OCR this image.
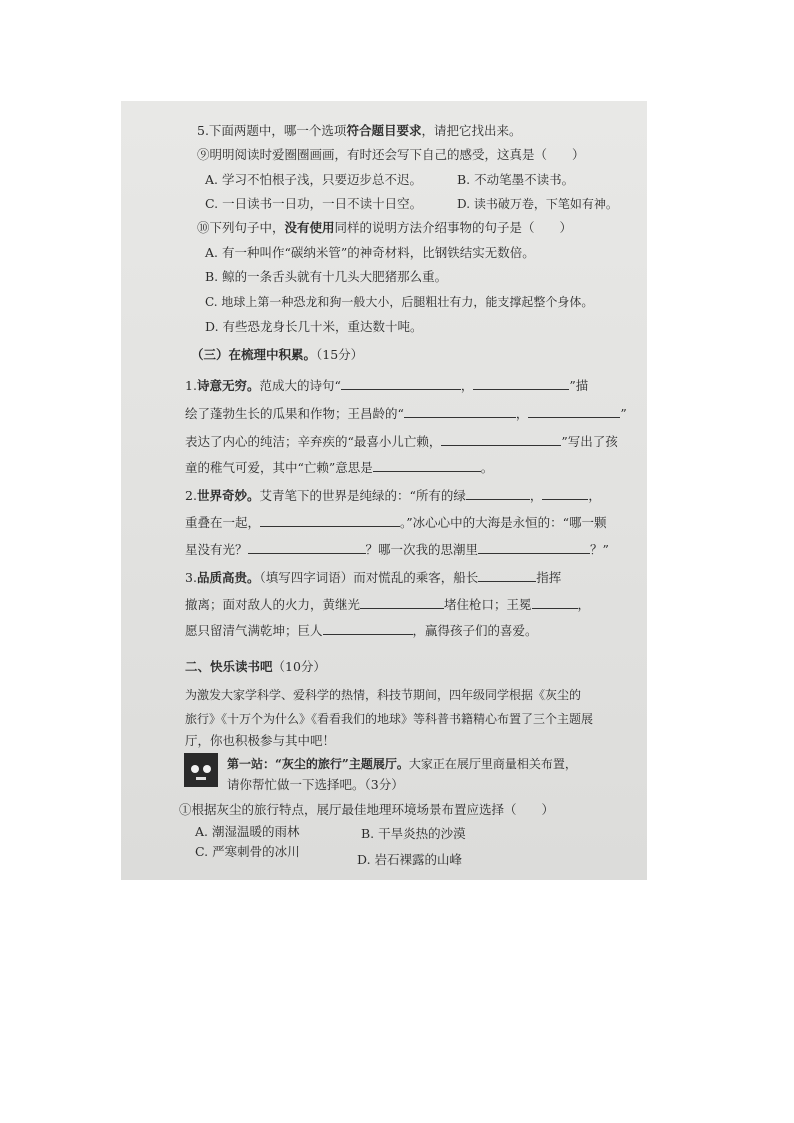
5.下面两题中，哪一个选项符合题目要求，请把它找出来。
⑨明明阅读时爱圈圈画画，有时还会写下自己的感受，这真是（　　）
A. 学习不怕根子浅，只要迈步总不迟。	B. 不动笔墨不读书。
C. 一日读书一日功，一日不读十日空。	D. 读书破万卷，下笔如有神。
⑩下列句子中，没有使用同样的说明方法介绍事物的句子是（　　）
A. 有一种叫作“碳纳米管”的神奇材料，比钢铁结实无数倍。
B. 鲸的一条舌头就有十几头大肥猪那么重。
C. 地球上第一种恐龙和狗一般大小，后腿粗壮有力，能支撑起整个身体。
D. 有些恐龙身长几十米，重达数十吨。
（三）在梳理中积累。（15分）
1.诗意无穷。范成大的诗句“	，	”描
绘了蓬勃生长的瓜果和作物；王昌龄的“	，	”
表达了内心的纯洁；辛弃疾的“最喜小儿亡赖，	”写出了孩
童的稚气可爱，其中“亡赖”意思是	。
2.世界奇妙。艾青笔下的世界是纯绿的：“所有的绿	，	，
重叠在一起，	。”冰心心中的大海是永恒的：“哪一颗
星没有光？	？哪一次我的思潮里	？”
3.品质高贵。（填写四字词语）而对慌乱的乘客，船长	指挥
撤离；面对敌人的火力，黄继光	堵住枪口；王冕	，
愿只留清气满乾坤；巨人	，赢得孩子们的喜爱。
二、快乐读书吧（10分）
为激发大家学科学、爱科学的热情，科技节期间，四年级同学根据《灰尘的
旅行》《十万个为什么》《看看我们的地球》等科普书籍精心布置了三个主题展
厅，你也积极参与其中吧！
第一站：“灰尘的旅行”主题展厅。大家正在展厅里商量相关布置，
请你帮忙做一下选择吧。（3分）
①根据灰尘的旅行特点，展厅最佳地理环境场景布置应选择（　　）
A. 潮湿温暖的雨林	B. 干旱炎热的沙漠
C. 严寒刺骨的冰川
D. 岩石裸露的山峰
